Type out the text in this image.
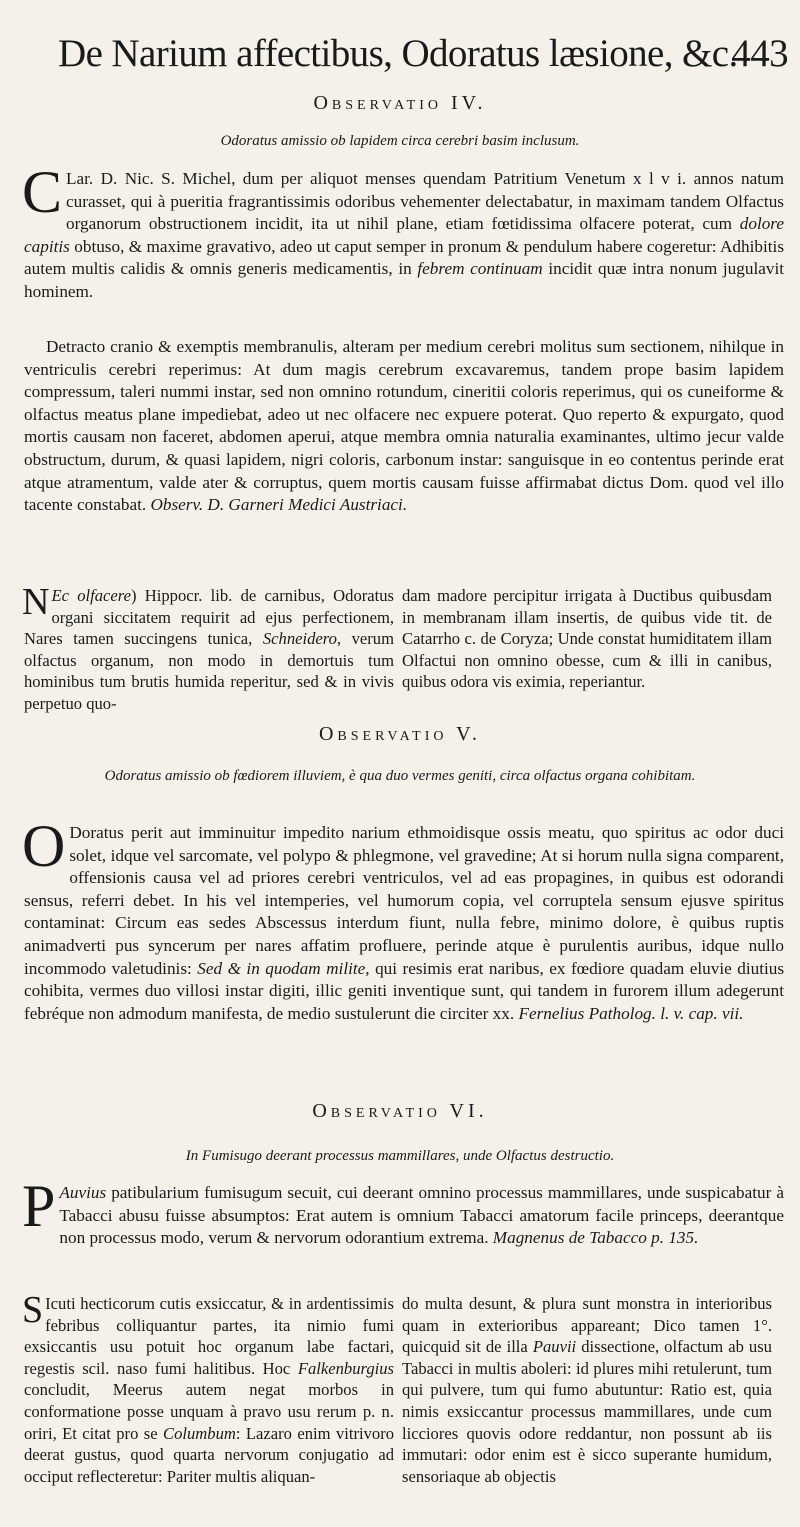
De Narium affectibus, Odoratus læsione, &c.
443
Observatio IV.
Odoratus amissio ob lapidem circa cerebri basim inclusum.

C Lar. D. Nic. S. Michel, dum per aliquot menses quendam Patritium Venetum x l v i. annos natum curasset, qui à pueritia fragrantissimis odoribus vehementer delectabatur, in maximam tandem Olfactus organorum obstructionem incidit, ita ut nihil plane, etiam fœtidissima olfacere poterat, cum dolore capitis obtuso, & maxime gravativo, adeo ut caput semper in pronum & pendulum habere cogeretur: Adhibitis autem multis calidis & omnis generis medicamentis, in febrem continuam incidit quæ intra nonum jugulavit hominem.

Detracto cranio & exemptis membranulis, alteram per medium cerebri molitus sum sectionem, nihilque in ventriculis cerebri reperimus: At dum magis cerebrum excavaremus, tandem prope basim lapidem compressum, taleri nummi instar, sed non omnino rotundum, cineritii coloris reperimus, qui os cuneiforme & olfactus meatus plane impediebat, adeo ut nec olfacere nec expuere poterat. Quo reperto & expurgato, quod mortis causam non faceret, abdomen aperui, atque membra omnia naturalia examinantes, ultimo jecur valde obstructum, durum, & quasi lapidem, nigri coloris, carbonum instar: sanguisque in eo contentus perinde erat atque atramentum, valde ater & corruptus, quem mortis causam fuisse affirmabat dictus Dom. quod vel illo tacente constabat. Observ. D. Garneri Medici Austriaci.

N Ec olfacere) Hippocr. lib. de carnibus, Odoratus organi siccitatem requirit ad ejus perfectionem, Nares tamen succingens tunica, Schneidero, verum olfactus organum, non modo in demortuis tum hominibus tum brutis humida reperitur, sed & in vivis perpetuo quo-

dam madore percipitur irrigata à Ductibus quibusdam in membranam illam insertis, de quibus vide tit. de Catarrho c. de Coryza; Unde constat humiditatem illam Olfactui non omnino obesse, cum & illi in canibus, quibus odora vis eximia, reperiantur.

Observatio V.
Odoratus amissio ob fœdiorem illuviem, è qua duo vermes geniti, circa olfactus organa cohibitam.

O Doratus perit aut imminuitur impedito narium ethmoidisque ossis meatu, quo spiritus ac odor duci solet, idque vel sarcomate, vel polypo & phlegmone, vel gravedine; At si horum nulla signa comparent, offensionis causa vel ad priores cerebri ventriculos, vel ad eas propagines, in quibus est odorandi sensus, referri debet. In his vel intemperies, vel humorum copia, vel corruptela sensum ejusve spiritus contaminat: Circum eas sedes Abscessus interdum fiunt, nulla febre, minimo dolore, è quibus ruptis animadverti pus syncerum per nares affatim profluere, perinde atque è purulentis auribus, idque nullo incommodo valetudinis: Sed & in quodam milite, qui resimis erat naribus, ex fœdiore quadam eluvie diutius cohibita, vermes duo villosi instar digiti, illic geniti inventique sunt, qui tandem in furorem illum adegerunt febréque non admodum manifesta, de medio sustulerunt die circiter xx. Fernelius Patholog. l. v. cap. vii.

Observatio VI.
In Fumisugo deerant processus mammillares, unde Olfactus destructio.

P Auvius patibularium fumisugum secuit, cui deerant omnino processus mammillares, unde suspicabatur à Tabacci abusu fuisse absumptos: Erat autem is omnium Tabacci amatorum facile princeps, deerantque non processus modo, verum & nervorum odorantium extrema. Magnenus de Tabacco p. 135.

S Icuti hecticorum cutis exsiccatur, & in ardentissimis febribus colliquantur partes, ita nimio fumi exsiccantis usu potuit hoc organum labe factari, regestis scil. naso fumi halitibus. Hoc Falkenburgius concludit, Meerus autem negat morbos in conformatione posse unquam à pravo usu rerum p. n. oriri, Et citat pro se Columbum: Lazaro enim vitrivoro deerat gustus, quod quarta nervorum conjugatio ad occiput reflecteretur: Pariter multis aliquan-

do multa desunt, & plura sunt monstra in interioribus quam in exterioribus appareant; Dico tamen 1°. quicquid sit de illa Pauvii dissectione, olfactum ab usu Tabacci in multis aboleri: id plures mihi retulerunt, tum qui pulvere, tum qui fumo abutuntur: Ratio est, quia nimis exsiccantur processus mammillares, unde cum licciores quovis odore reddantur, non possunt ab iis immutari: odor enim est è sicco superante humidum, sensoriaque ab objectis
